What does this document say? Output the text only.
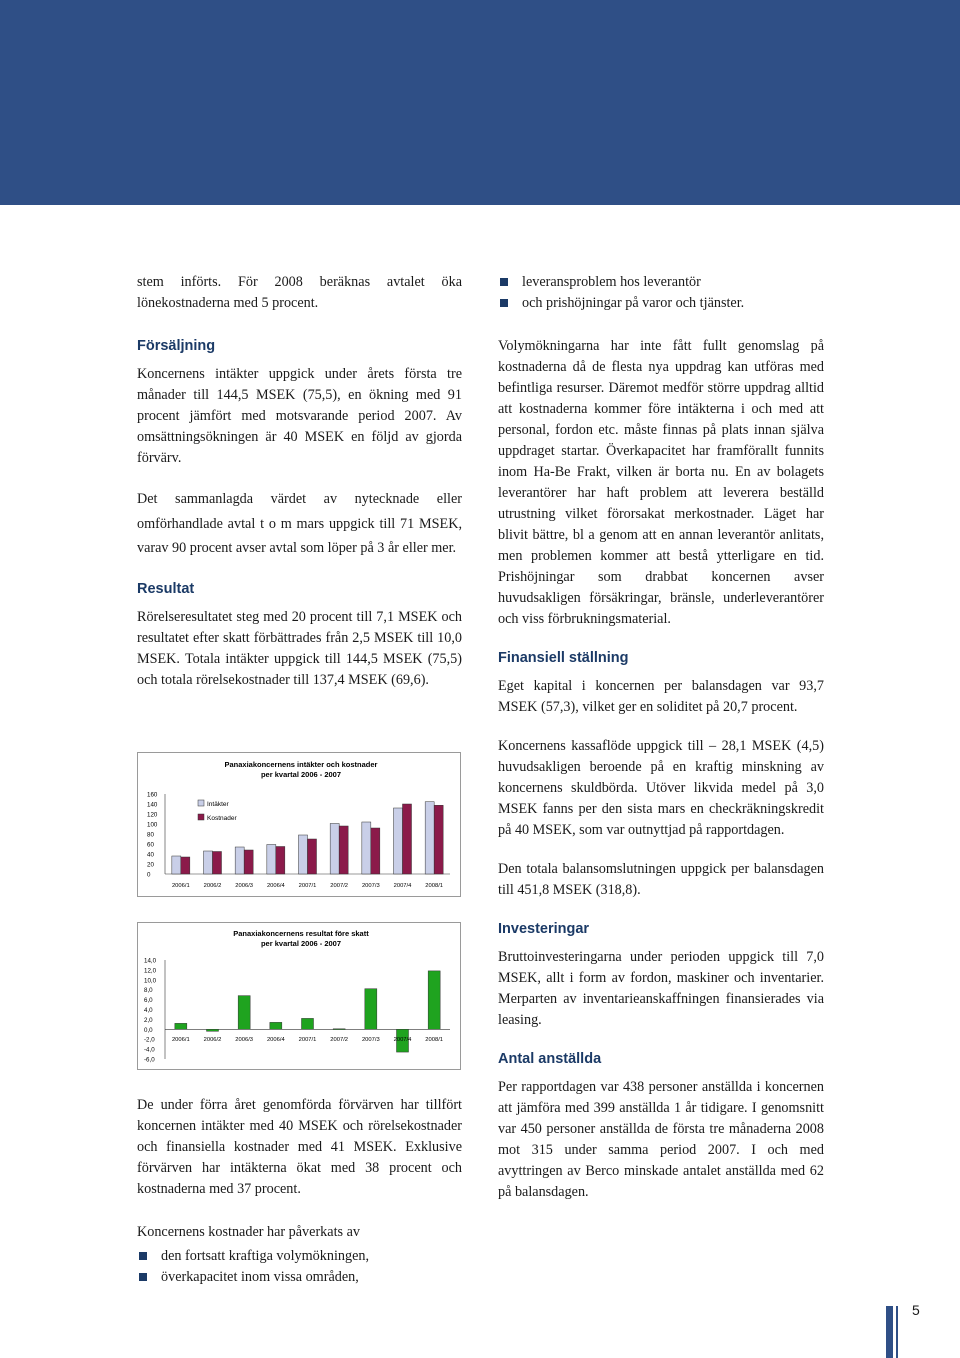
stem införts. För 2008 beräknas avtalet öka lönekostnaderna med 5 procent.

Försäljning

Koncernens intäkter uppgick under årets första tre månader till 144,5 MSEK (75,5), en ökning med 91 procent jämfört med motsvarande period 2007. Av omsättningsökningen är 40 MSEK en följd av gjorda förvärv.

Det sammanlagda värdet av nytecknade eller omförhandlade avtal t o m mars uppgick till 71 MSEK, varav 90 procent avser avtal som löper på 3 år eller mer.

Resultat

Rörelseresultatet steg med 20 procent till 7,1 MSEK och resultatet efter skatt förbättrades från 2,5 MSEK till 10,0 MSEK. Totala intäkter uppgick till 144,5 MSEK (75,5) och totala rörelsekostnader till 137,4 MSEK (69,6).

Panaxiakoncernens intäkter och kostnader
per kvartal 2006 - 2007
Intäkter
Kostnader
160
140
120
100
80
60
40
20
0
2006/1 2006/2 2006/3 2006/4 2007/1 2007/2 2007/3 2007/4 2008/1
Panaxiakoncernens resultat före skatt
per kvartal 2006 - 2007
14,0
12,0
10,0
8,0
6,0
4,0
2,0
0,0
-2,0
-4,0
-6,0
2006/1 2006/2 2006/3 2006/4 2007/1 2007/2 2007/3 2007/4 2008/1

De under förra året genomförda förvärven har tillfört koncernen intäkter med 40 MSEK och rörelsekostnader och finansiella kostnader med 41 MSEK. Exklusive förvärven har intäkterna ökat med 38 procent och kostnaderna med 37 procent.

Koncernens kostnader har påverkats av

den fortsatt kraftiga volymökningen,
överkapacitet inom vissa områden,
leveransproblem hos leverantör
och prishöjningar på varor och tjänster.

Volymökningarna har inte fått fullt genomslag på kostnaderna då de flesta nya uppdrag kan utföras med befintliga resurser. Däremot medför större uppdrag alltid att kostnaderna kommer före intäkterna i och med att personal, fordon etc. måste finnas på plats innan själva uppdraget startar. Överkapacitet har framförallt funnits inom Ha-Be Frakt, vilken är borta nu. En av bolagets leverantörer har haft problem att leverera beställd utrustning vilket förorsakat merkostnader. Läget har blivit bättre, bl a genom att en annan leverantör anlitats, men problemen kommer att bestå ytterligare en tid. Prishöjningar som drabbat koncernen avser huvudsakligen försäkringar, bränsle, underleverantörer och viss förbrukningsmaterial.

Finansiell ställning

Eget kapital i koncernen per balansdagen var 93,7 MSEK (57,3), vilket ger en soliditet på 20,7 procent.

Koncernens kassaflöde uppgick till – 28,1 MSEK (4,5) huvudsakligen beroende på en kraftig minskning av koncernens skuldbörda. Utöver likvida medel på 3,0 MSEK fanns per den sista mars en checkräkningskredit på 40 MSEK, som var outnyttjad på rapportdagen.

Den totala balansomslutningen uppgick per balansdagen till 451,8 MSEK (318,8).

Investeringar

Bruttoinvesteringarna under perioden uppgick till 7,0 MSEK, allt i form av fordon, maskiner och inventarier. Merparten av inventarieanskaffningen finansierades via leasing.

Antal anställda

Per rapportdagen var 438 personer anställda i koncernen att jämföra med 399 anställda 1 år tidigare. I genomsnitt var 450 personer anställda de första tre månaderna 2008 mot 315 under samma period 2007. I och med avyttringen av Berco minskade antalet anställda med 62 på balansdagen.

5
